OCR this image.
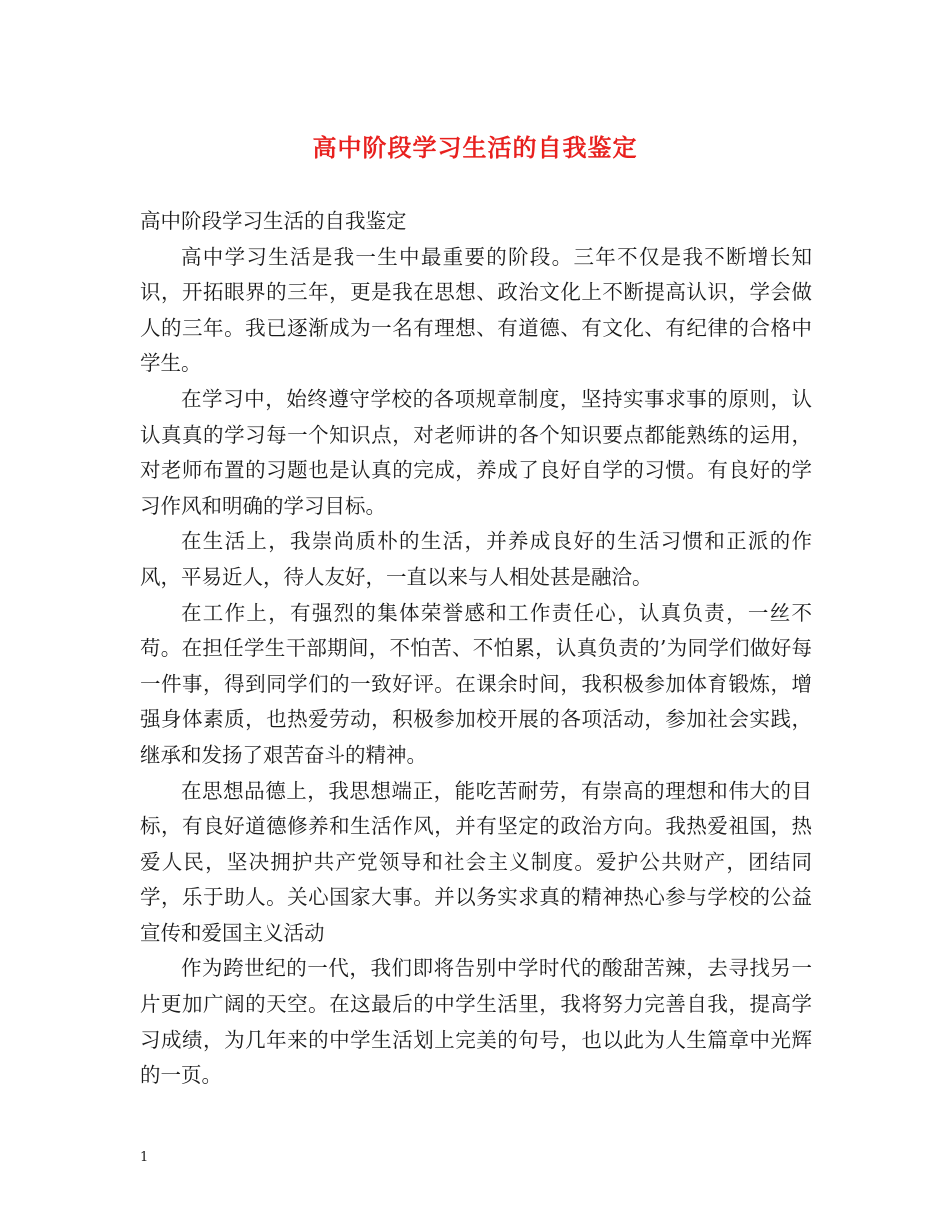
高中阶段学习生活的自我鉴定

高中阶段学习生活的自我鉴定

高中学习生活是我一生中最重要的阶段。三年不仅是我不断增长知识，开拓眼界的三年，更是我在思想、政治文化上不断提高认识，学会做人的三年。我已逐渐成为一名有理想、有道德、有文化、有纪律的合格中学生。

在学习中，始终遵守学校的各项规章制度，坚持实事求事的原则，认认真真的学习每一个知识点，对老师讲的各个知识要点都能熟练的运用，对老师布置的习题也是认真的完成，养成了良好自学的习惯。有良好的学习作风和明确的学习目标。

在生活上，我崇尚质朴的生活，并养成良好的生活习惯和正派的作风，平易近人，待人友好，一直以来与人相处甚是融洽。

在工作上，有强烈的集体荣誉感和工作责任心，认真负责，一丝不苟。在担任学生干部期间，不怕苦、不怕累，认真负责的’为同学们做好每一件事，得到同学们的一致好评。在课余时间，我积极参加体育锻炼，增强身体素质，也热爱劳动，积极参加校开展的各项活动，参加社会实践，继承和发扬了艰苦奋斗的精神。

在思想品德上，我思想端正，能吃苦耐劳，有崇高的理想和伟大的目标，有良好道德修养和生活作风，并有坚定的政治方向。我热爱祖国，热爱人民，坚决拥护共产党领导和社会主义制度。爱护公共财产，团结同学，乐于助人。关心国家大事。并以务实求真的精神热心参与学校的公益宣传和爱国主义活动

作为跨世纪的一代，我们即将告别中学时代的酸甜苦辣，去寻找另一片更加广阔的天空。在这最后的中学生活里，我将努力完善自我，提高学习成绩，为几年来的中学生活划上完美的句号，也以此为人生篇章中光辉的一页。

1
